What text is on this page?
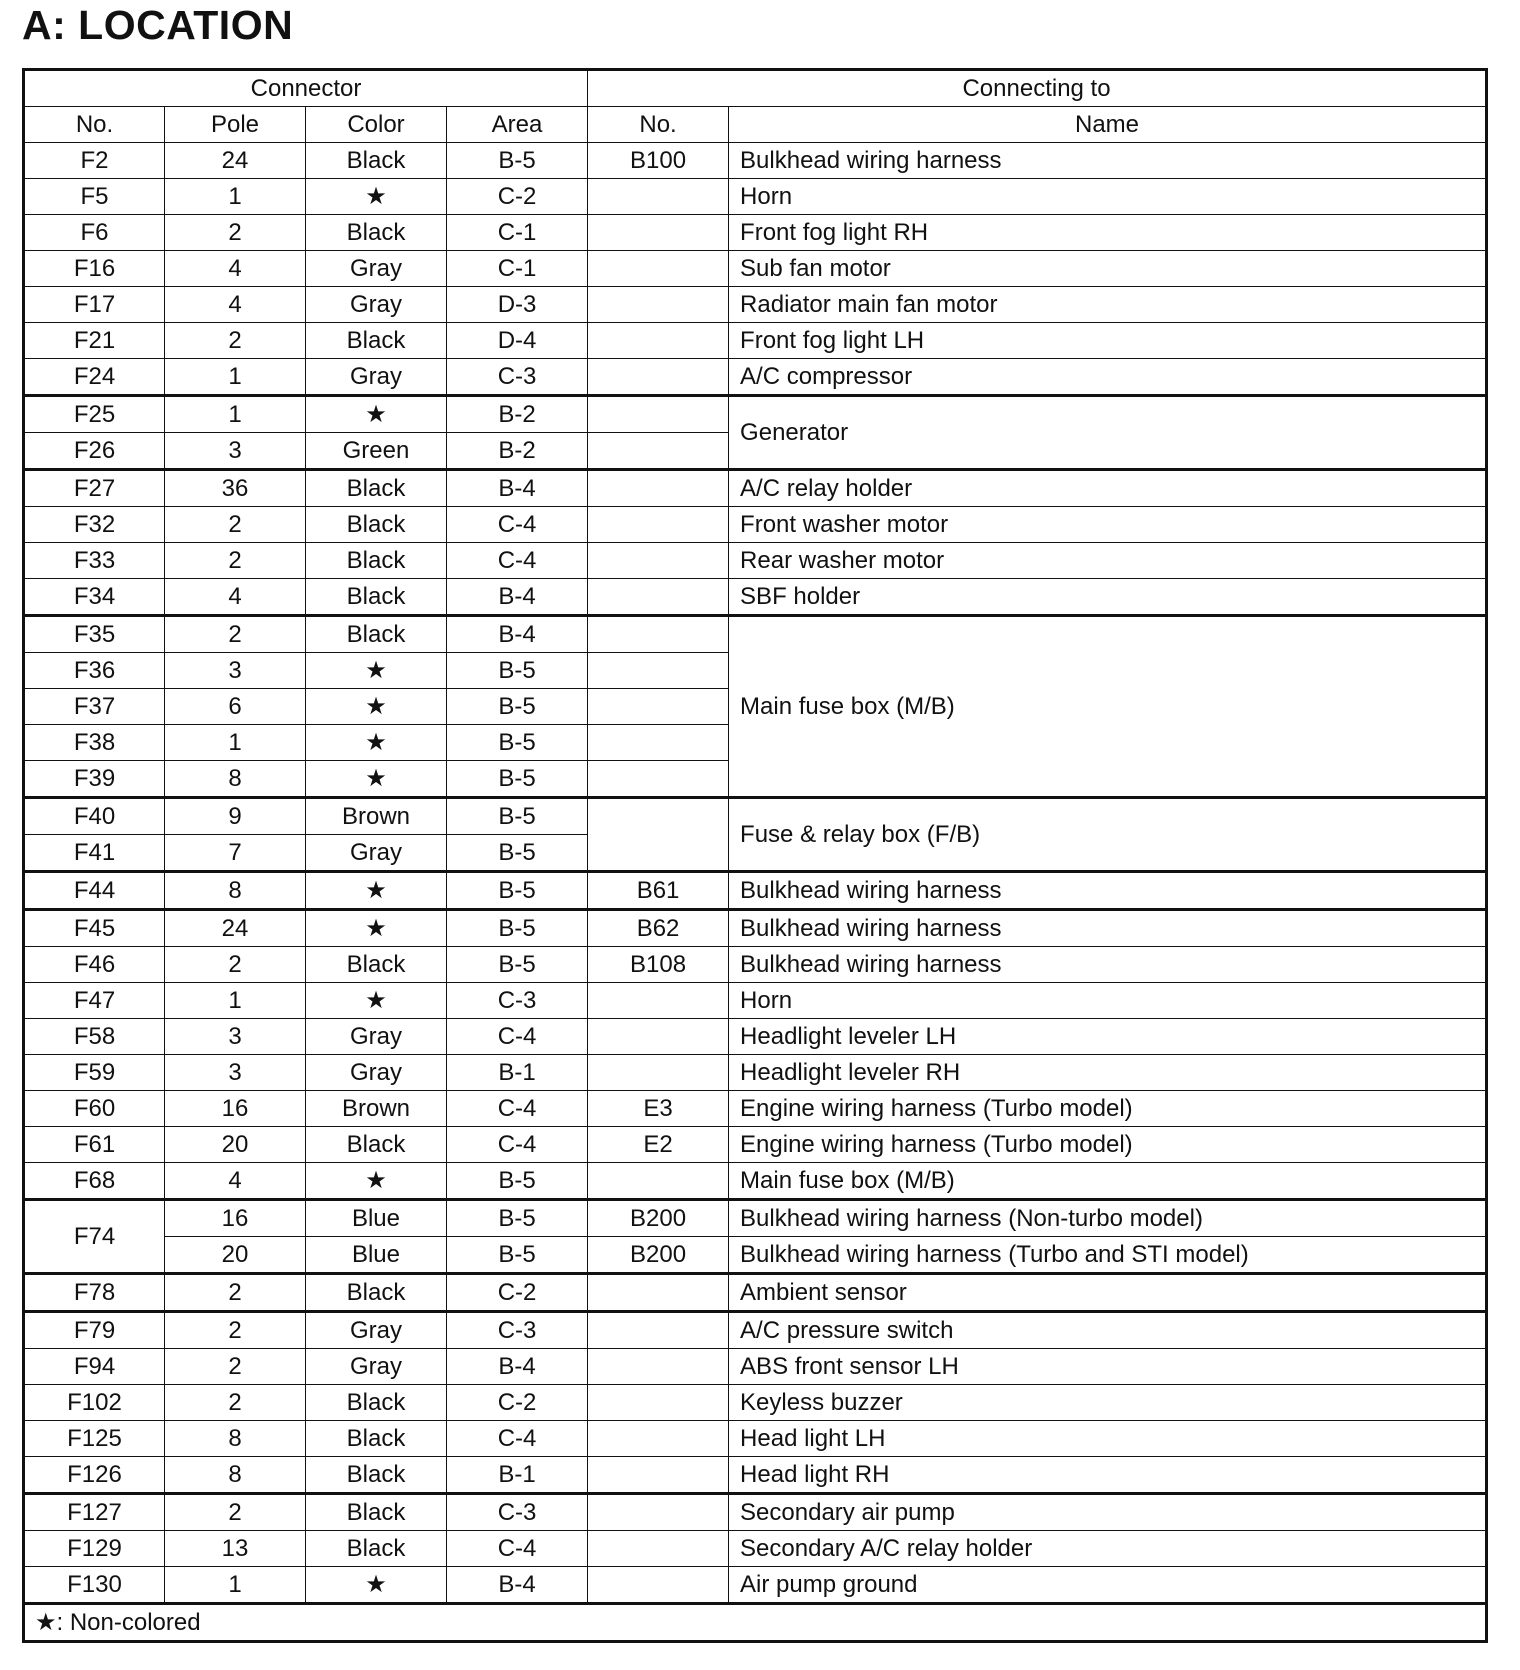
A: LOCATION
Connector				Connecting to	
No.	Pole	Color	Area	No.	Name
F2	24	Black	B-5	B100	Bulkhead wiring harness
F5	1	★	C-2		Horn
F6	2	Black	C-1		Front fog light RH
F16	4	Gray	C-1		Sub fan motor
F17	4	Gray	D-3		Radiator main fan motor
F21	2	Black	D-4		Front fog light LH
F24	1	Gray	C-3		A/C compressor
F25	1	★	B-2		Generator
F26	3	Green	B-2		
F27	36	Black	B-4		A/C relay holder
F32	2	Black	C-4		Front washer motor
F33	2	Black	C-4		Rear washer motor
F34	4	Black	B-4		SBF holder
F35	2	Black	B-4		Main fuse box (M/B)
F36	3	★	B-5		
F37	6	★	B-5		
F38	1	★	B-5		
F39	8	★	B-5		
F40	9	Brown	B-5		Fuse & relay box (F/B)
F41	7	Gray	B-5		
F44	8	★	B-5	B61	Bulkhead wiring harness
F45	24	★	B-5	B62	Bulkhead wiring harness
F46	2	Black	B-5	B108	Bulkhead wiring harness
F47	1	★	C-3		Horn
F58	3	Gray	C-4		Headlight leveler LH
F59	3	Gray	B-1		Headlight leveler RH
F60	16	Brown	C-4	E3	Engine wiring harness (Turbo model)
F61	20	Black	C-4	E2	Engine wiring harness (Turbo model)
F68	4	★	B-5		Main fuse box (M/B)
F74	16	Blue	B-5	B200	Bulkhead wiring harness (Non-turbo model)
	20	Blue	B-5	B200	Bulkhead wiring harness (Turbo and STI model)
F78	2	Black	C-2		Ambient sensor
F79	2	Gray	C-3		A/C pressure switch
F94	2	Gray	B-4		ABS front sensor LH
F102	2	Black	C-2		Keyless buzzer
F125	8	Black	C-4		Head light LH
F126	8	Black	B-1		Head light RH
F127	2	Black	C-3		Secondary air pump
F129	13	Black	C-4		Secondary A/C relay holder
F130	1	★	B-4		Air pump ground
★: Non-colored					
